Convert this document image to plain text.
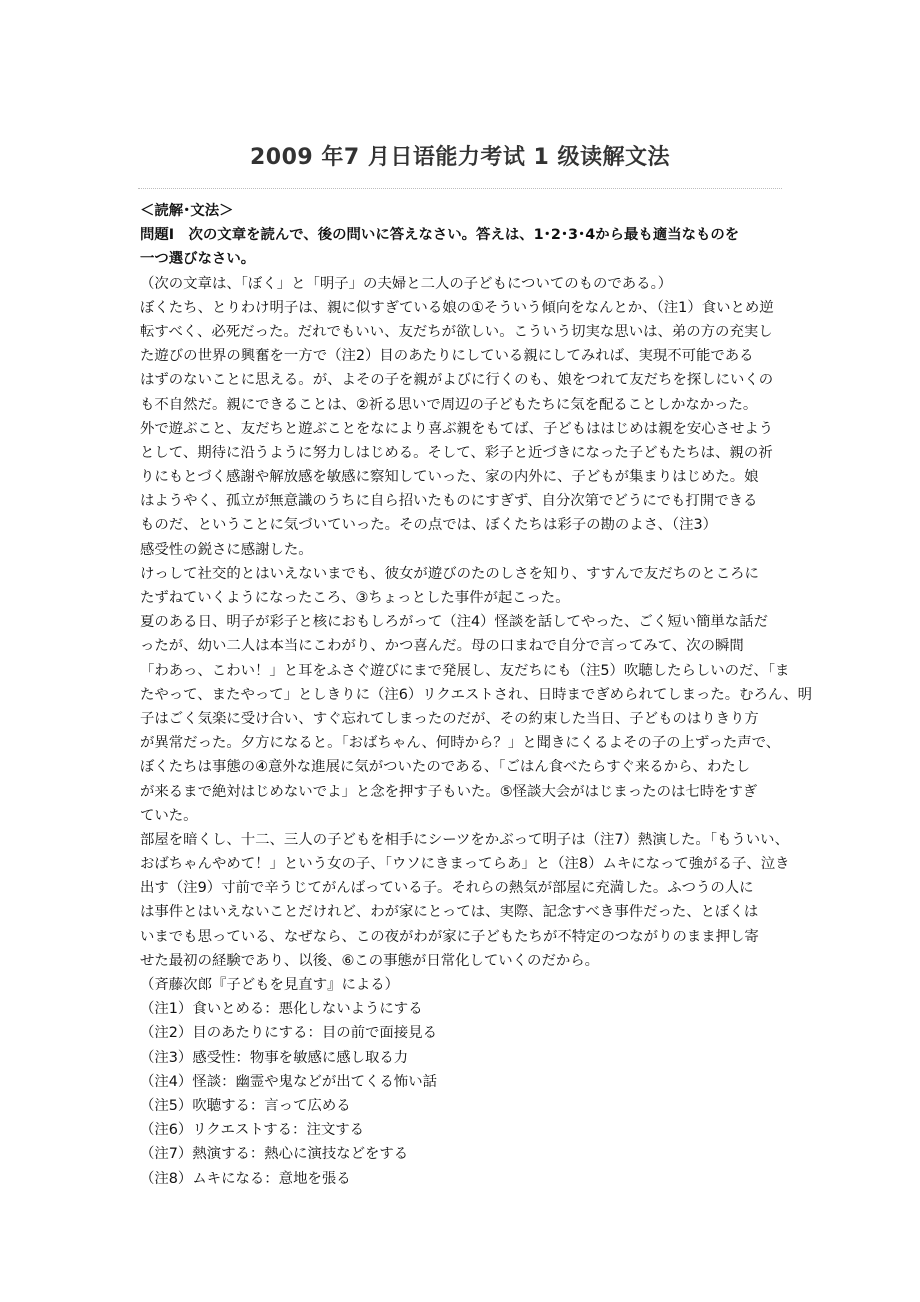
2009 年7 月日语能力考试 1 级读解文法
＜読解･文法＞
問題Ⅰ　次の文章を読んで、後の問いに答えなさい。答えは、1･2･3･4から最も適当なものを
一つ選びなさい。
（次の文章は、「ぼく」と「明子」の夫婦と二人の子どもについてのものである。）
ぼくたち、とりわけ明子は、親に似すぎている娘の①そういう傾向をなんとか、（注1）食いとめ逆
転すべく、必死だった。だれでもいい、友だちが欲しい。こういう切実な思いは、弟の方の充実し
た遊びの世界の興奮を一方で（注2）目のあたりにしている親にしてみれば、実現不可能である
はずのないことに思える。が、よその子を親がよびに行くのも、娘をつれて友だちを探しにいくの
も不自然だ。親にできることは、②祈る思いで周辺の子どもたちに気を配ることしかなかった。
外で遊ぶこと、友だちと遊ぶことをなにより喜ぶ親をもてば、子どもははじめは親を安心させよう
として、期待に沿うように努力しはじめる。そして、彩子と近づきになった子どもたちは、親の祈
りにもとづく感謝や解放感を敏感に察知していった、家の内外に、子どもが集まりはじめた。娘
はようやく、孤立が無意識のうちに自ら招いたものにすぎず、自分次第でどうにでも打開できる
ものだ、ということに気づいていった。その点では、ぼくたちは彩子の勘のよさ、（注3）
感受性の鋭さに感謝した。
けっして社交的とはいえないまでも、彼女が遊びのたのしさを知り、すすんで友だちのところに
たずねていくようになったころ、③ちょっとした事件が起こった。
夏のある日、明子が彩子と核におもしろがって（注4）怪談を話してやった、ごく短い簡単な話だ
ったが、幼い二人は本当にこわがり、かつ喜んだ。母の口まねで自分で言ってみて、次の瞬間
「わあっ、こわい！」と耳をふさぐ遊びにまで発展し、友だちにも（注5）吹聴したらしいのだ、「ま
たやって、またやって」としきりに（注6）リクエストされ、日時までぎめられてしまった。むろん、明
子はごく気楽に受け合い、すぐ忘れてしまったのだが、その約束した当日、子どものはりきり方
が異常だった。夕方になると。「おばちゃん、何時から？」と聞きにくるよその子の上ずった声で、
ぼくたちは事態の④意外な進展に気がついたのである、「ごはん食べたらすぐ来るから、わたし
が来るまで絶対はじめないでよ」と念を押す子もいた。⑤怪談大会がはじまったのは七時をすぎ
ていた。
部屋を暗くし、十二、三人の子どもを相手にシーツをかぶって明子は（注7）熱演した。「もういい、
おばちゃんやめて！」という女の子、「ウソにきまってらあ」と（注8）ムキになって強がる子、泣き
出す（注9）寸前で辛うじてがんばっている子。それらの熱気が部屋に充満した。ふつうの人に
は事件とはいえないことだけれど、わが家にとっては、実際、記念すべき事件だった、とぼくは
いまでも思っている、なぜなら、この夜がわが家に子どもたちが不特定のつながりのまま押し寄
せた最初の経験であり、以後、⑥この事態が日常化していくのだから。
（斉藤次郎『子どもを見直す』による）
（注1）食いとめる：悪化しないようにする
（注2）目のあたりにする：目の前で面接見る
（注3）感受性：物事を敏感に感し取る力
（注4）怪談：幽霊や鬼などが出てくる怖い話
（注5）吹聴する：言って広める
（注6）リクエストする：注文する
（注7）熱演する：熱心に演技などをする
（注8）ムキになる：意地を張る
